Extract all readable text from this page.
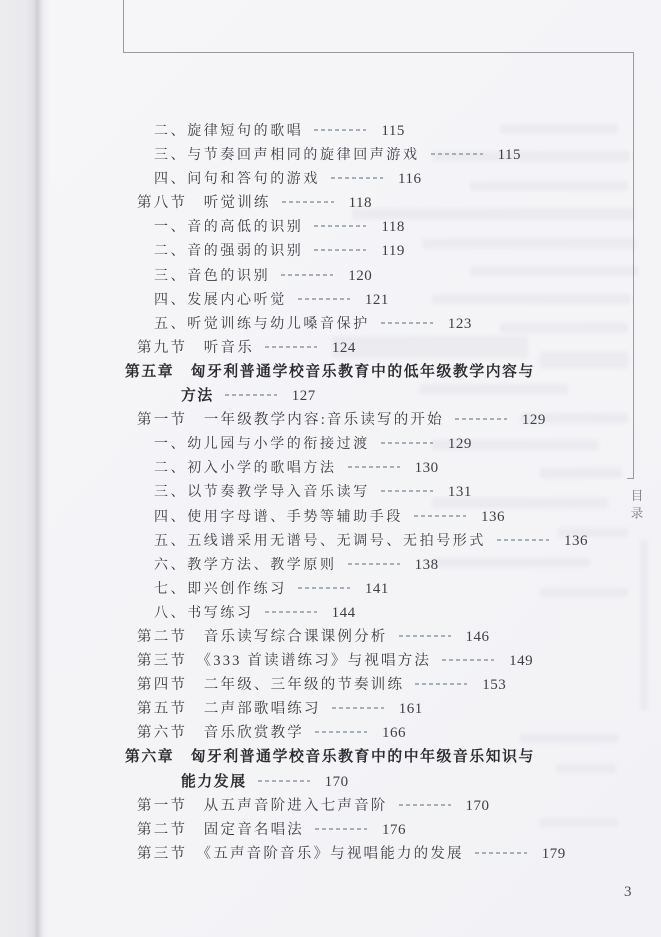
目录
二、旋律短句的歌唱	115
三、与节奏回声相同的旋律回声游戏	115
四、问句和答句的游戏	116
第八节　听觉训练	118
一、音的高低的识别	118
二、音的强弱的识别	119
三、音色的识别	120
四、发展内心听觉	121
五、听觉训练与幼儿嗓音保护	123
第九节　听音乐	124
第五章　匈牙利普通学校音乐教育中的低年级教学内容与
方法	127
第一节　一年级教学内容:音乐读写的开始	129
一、幼儿园与小学的衔接过渡	129
二、初入小学的歌唱方法	130
三、以节奏教学导入音乐读写	131
四、使用字母谱、手势等辅助手段	136
五、五线谱采用无谱号、无调号、无拍号形式	136
六、教学方法、教学原则	138
七、即兴创作练习	141
八、书写练习	144
第二节　音乐读写综合课课例分析	146
第三节　《333 首读谱练习》与视唱方法	149
第四节　二年级、三年级的节奏训练	153
第五节　二声部歌唱练习	161
第六节　音乐欣赏教学	166
第六章　匈牙利普通学校音乐教育中的中年级音乐知识与
能力发展	170
第一节　从五声音阶进入七声音阶	170
第二节　固定音名唱法	176
第三节　《五声音阶音乐》与视唱能力的发展	179
3
